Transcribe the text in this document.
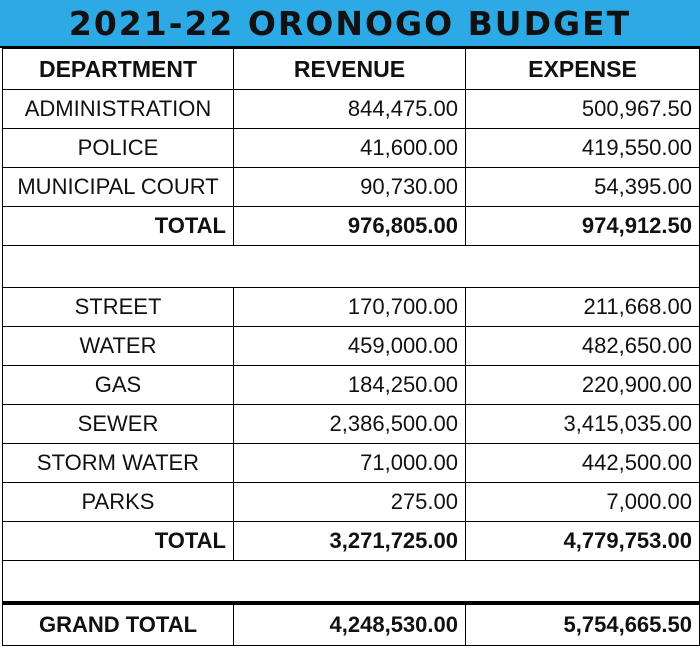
2021-22 ORONOGO BUDGET
DEPARTMENT	REVENUE	EXPENSE
ADMINISTRATION	844,475.00	500,967.50
POLICE	41,600.00	419,550.00
MUNICIPAL COURT	90,730.00	54,395.00
TOTAL	976,805.00	974,912.50

STREET	170,700.00	211,668.00
WATER	459,000.00	482,650.00
GAS	184,250.00	220,900.00
SEWER	2,386,500.00	3,415,035.00
STORM WATER	71,000.00	442,500.00
PARKS	275.00	7,000.00
TOTAL	3,271,725.00	4,779,753.00

GRAND TOTAL	4,248,530.00	5,754,665.50
